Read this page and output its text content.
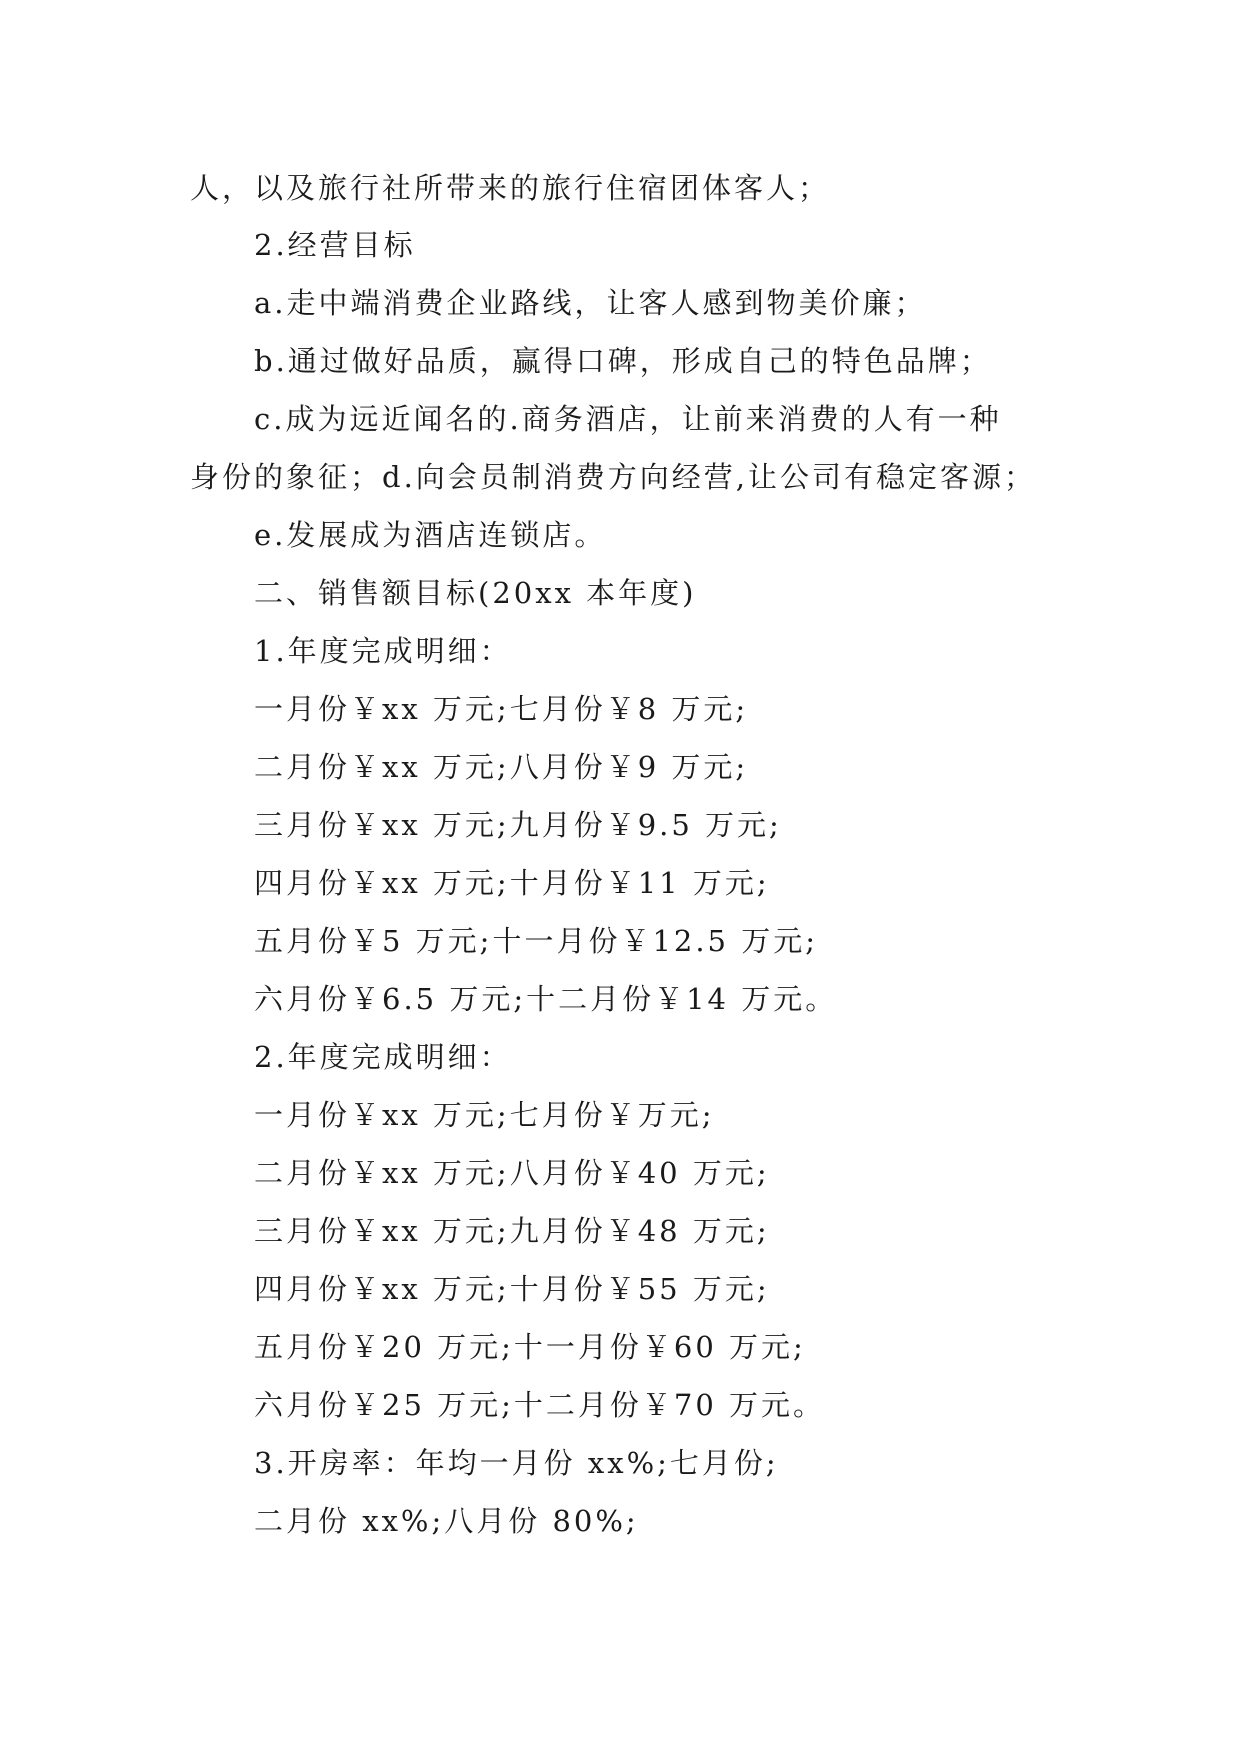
人，以及旅行社所带来的旅行住宿团体客人；
2.经营目标
a.走中端消费企业路线，让客人感到物美价廉；
b.通过做好品质，赢得口碑，形成自己的特色品牌；
c.成为远近闻名的.商务酒店，让前来消费的人有一种
身份的象征；d.向会员制消费方向经营,让公司有稳定客源；
e.发展成为酒店连锁店。
二、销售额目标(20xx 本年度)
1.年度完成明细：
一月份￥xx 万元;七月份￥8 万元;
二月份￥xx 万元;八月份￥9 万元;
三月份￥xx 万元;九月份￥9.5 万元;
四月份￥xx 万元;十月份￥11 万元;
五月份￥5 万元;十一月份￥12.5 万元;
六月份￥6.5 万元;十二月份￥14 万元。
2.年度完成明细：
一月份￥xx 万元;七月份￥万元;
二月份￥xx 万元;八月份￥40 万元;
三月份￥xx 万元;九月份￥48 万元;
四月份￥xx 万元;十月份￥55 万元;
五月份￥20 万元;十一月份￥60 万元;
六月份￥25 万元;十二月份￥70 万元。
3.开房率：年均一月份 xx%;七月份;
二月份 xx%;八月份 80%;
